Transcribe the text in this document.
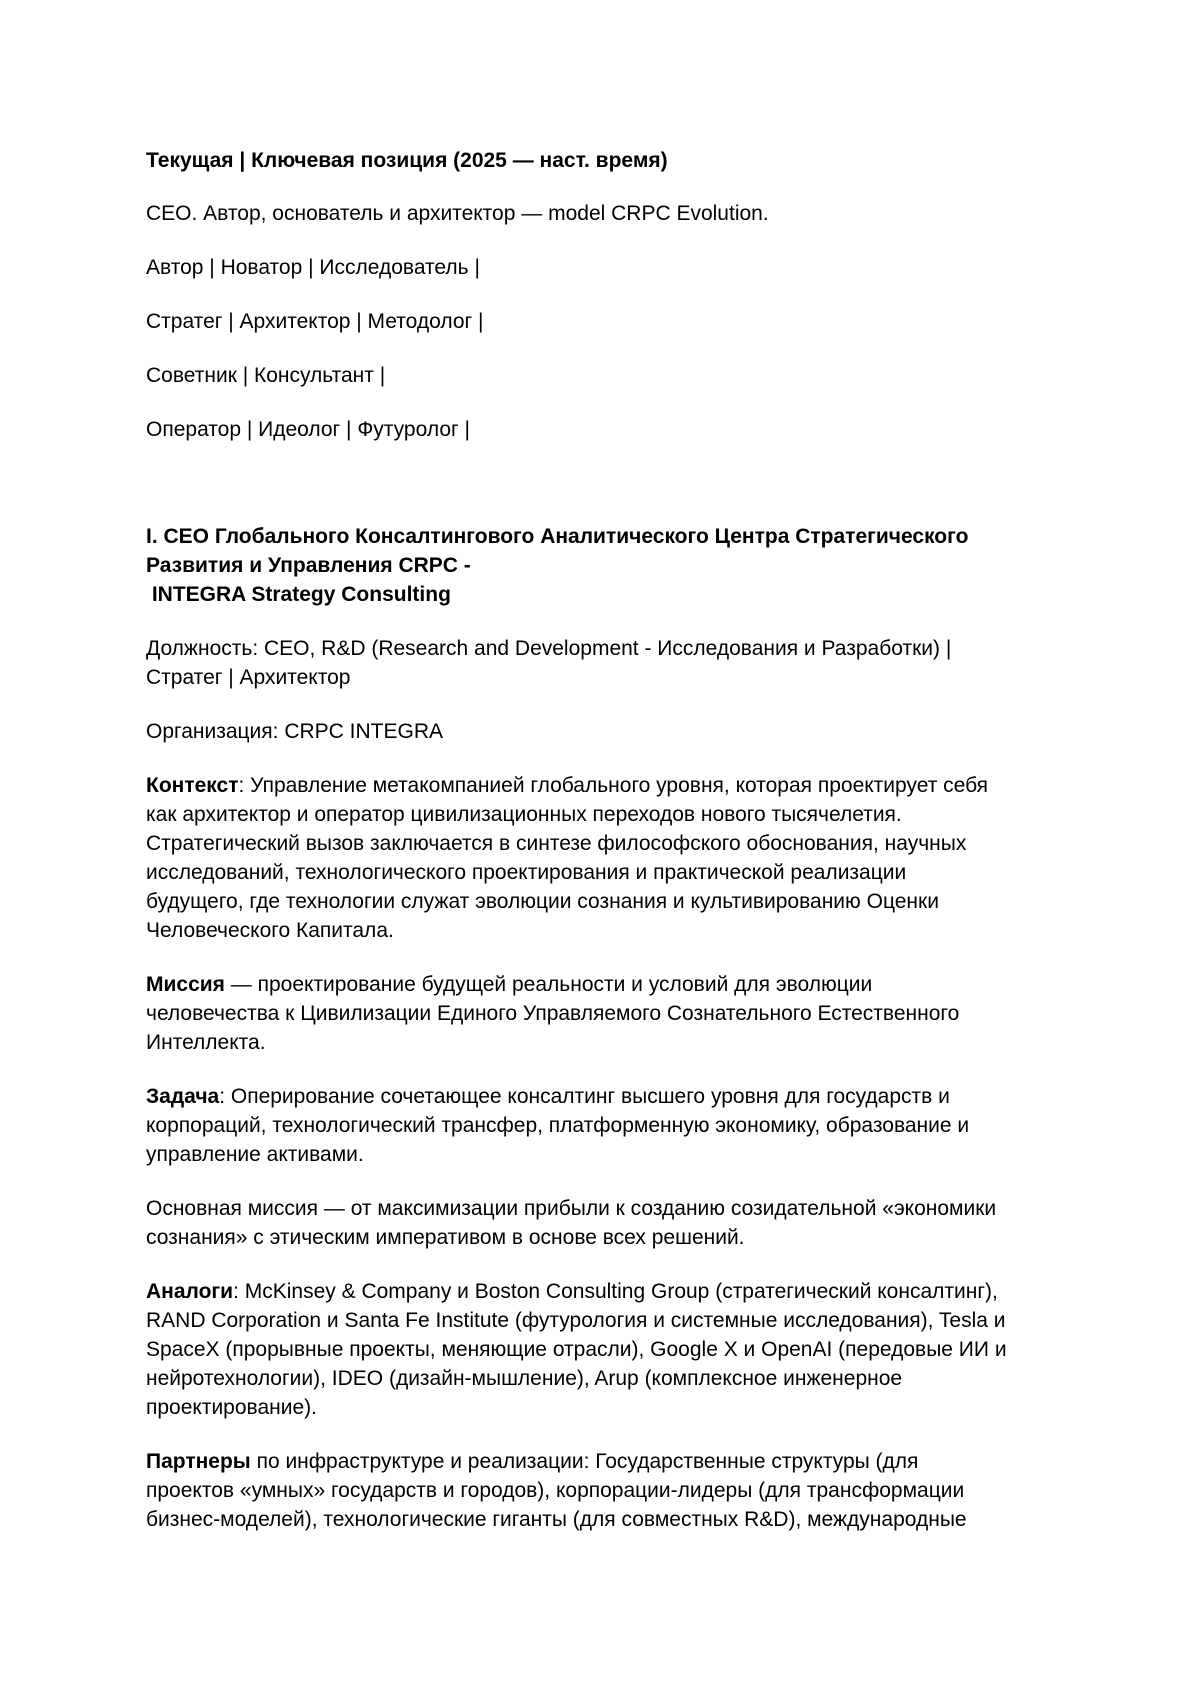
Текущая | Ключевая позиция (2025 — наст. время)

CEO. Автор, основатель и архитектор — model CRPC Evolution.

Автор | Новатор | Исследователь |

Стратег | Архитектор | Методолог |

Советник | Консультант |

Оператор | Идеолог | Футуролог |

I. CEO Глобального Консалтингового Аналитического Центра Стратегического

Развития и Управления CRPC -

INTEGRA Strategy Consulting

Должность: CEO, R&D (Research and Development - Исследования и Разработки) |

Стратег | Архитектор

Организация: CRPC INTEGRA

Контекст: Управление метакомпанией глобального уровня, которая проектирует себя

как архитектор и оператор цивилизационных переходов нового тысячелетия.

Стратегический вызов заключается в синтезе философского обоснования, научных

исследований, технологического проектирования и практической реализации

будущего, где технологии служат эволюции сознания и культивированию Оценки

Человеческого Капитала.

Миссия — проектирование будущей реальности и условий для эволюции

человечества к Цивилизации Единого Управляемого Сознательного Естественного

Интеллекта.

Задача: Оперирование сочетающее консалтинг высшего уровня для государств и

корпораций, технологический трансфер, платформенную экономику, образование и

управление активами.

Основная миссия — от максимизации прибыли к созданию созидательной «экономики

сознания» с этическим императивом в основе всех решений.

Аналоги: McKinsey & Company и Boston Consulting Group (стратегический консалтинг),

RAND Corporation и Santa Fe Institute (футурология и системные исследования), Tesla и

SpaceX (прорывные проекты, меняющие отрасли), Google X и OpenAI (передовые ИИ и

нейротехнологии), IDEO (дизайн-мышление), Arup (комплексное инженерное

проектирование).

Партнеры по инфраструктуре и реализации: Государственные структуры (для

проектов «умных» государств и городов), корпорации-лидеры (для трансформации

бизнес-моделей), технологические гиганты (для совместных R&D), международные
